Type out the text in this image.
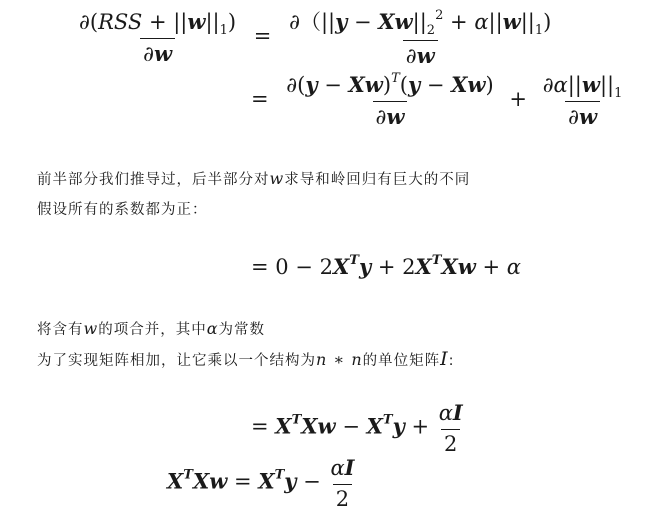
$\frac{\partial(RSS + ||w||_1)}{\partial w} = \frac{\partial(||y - Xw||_2^2 + \alpha||w||_1)}{\partial w}$
= $\frac{\partial(y - Xw)^T(y - Xw)}{\partial w} + \frac{\partial\alpha||w||_1}{\partial w}$
前半部分我们推导过，后半部分对w求导和岭回归有巨大的不同
假设所有的系数都为正：
= $0 - 2X^Ty + 2X^TXw + \alpha$
将含有w的项合并，其中α为常数
为了实现矩阵相加，让它乘以一个结构为n ∗ n的单位矩阵I:
= $X^TXw - X^Ty + \frac{\alpha I}{2}$
$X^TXw = X^Ty - \frac{\alpha I}{2}$
